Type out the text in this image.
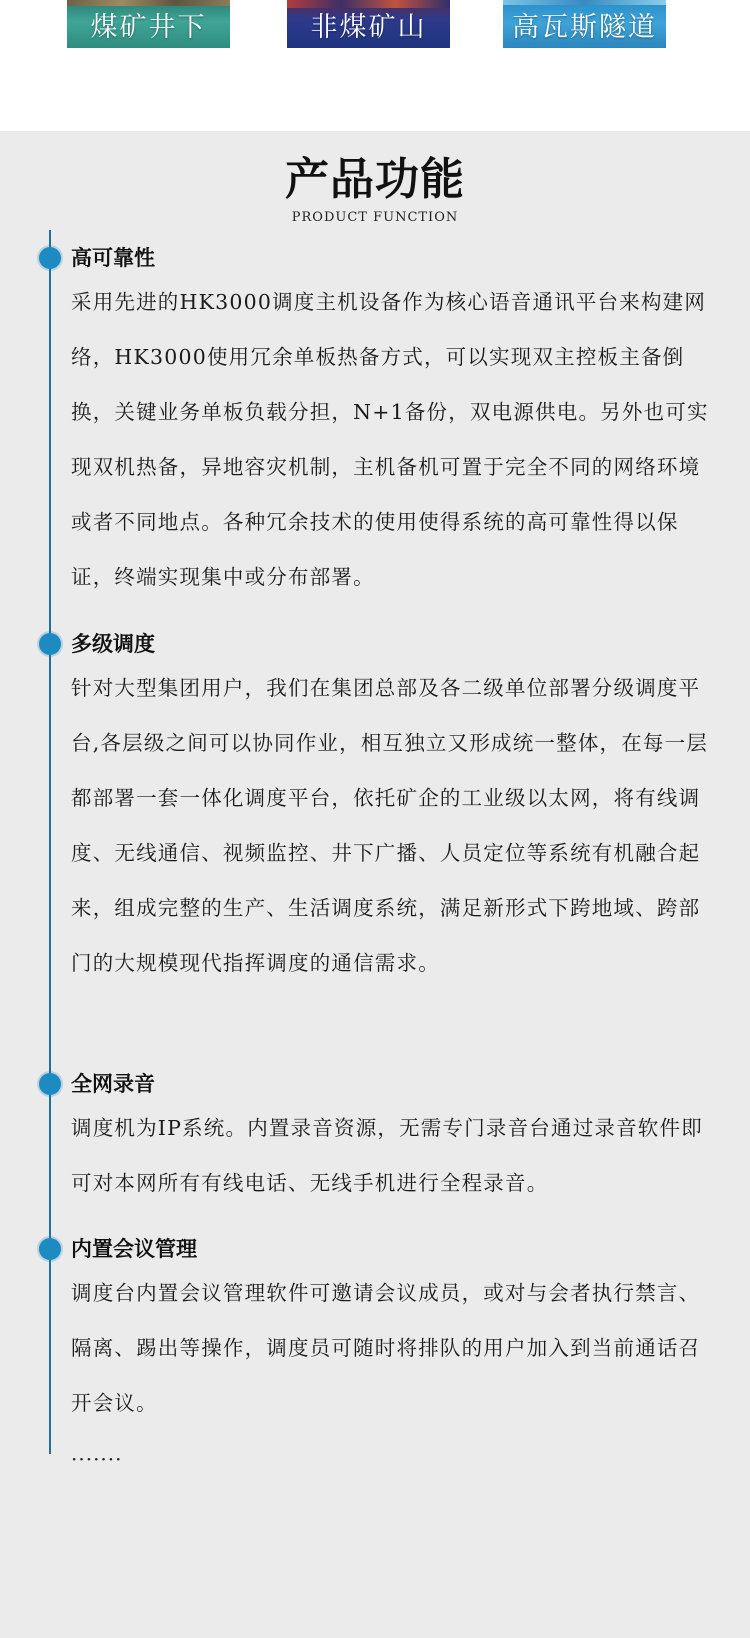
煤矿井下	非煤矿山	高瓦斯隧道
产品功能
PRODUCT FUNCTION
高可靠性
采用先进的HK3000调度主机设备作为核心语音通讯平台来构建网络，HK3000使用冗余单板热备方式，可以实现双主控板主备倒换，关键业务单板负载分担，N+1备份，双电源供电。另外也可实现双机热备，异地容灾机制，主机备机可置于完全不同的网络环境或者不同地点。各种冗余技术的使用使得系统的高可靠性得以保证，终端实现集中或分布部署。
多级调度
针对大型集团用户，我们在集团总部及各二级单位部署分级调度平台,各层级之间可以协同作业，相互独立又形成统一整体，在每一层都部署一套一体化调度平台，依托矿企的工业级以太网，将有线调度、无线通信、视频监控、井下广播、人员定位等系统有机融合起来，组成完整的生产、生活调度系统，满足新形式下跨地域、跨部门的大规模现代指挥调度的通信需求。
全网录音
调度机为IP系统。内置录音资源，无需专门录音台通过录音软件即可对本网所有有线电话、无线手机进行全程录音。
内置会议管理
调度台内置会议管理软件可邀请会议成员，或对与会者执行禁言、隔离、踢出等操作，调度员可随时将排队的用户加入到当前通话召开会议。
·······
